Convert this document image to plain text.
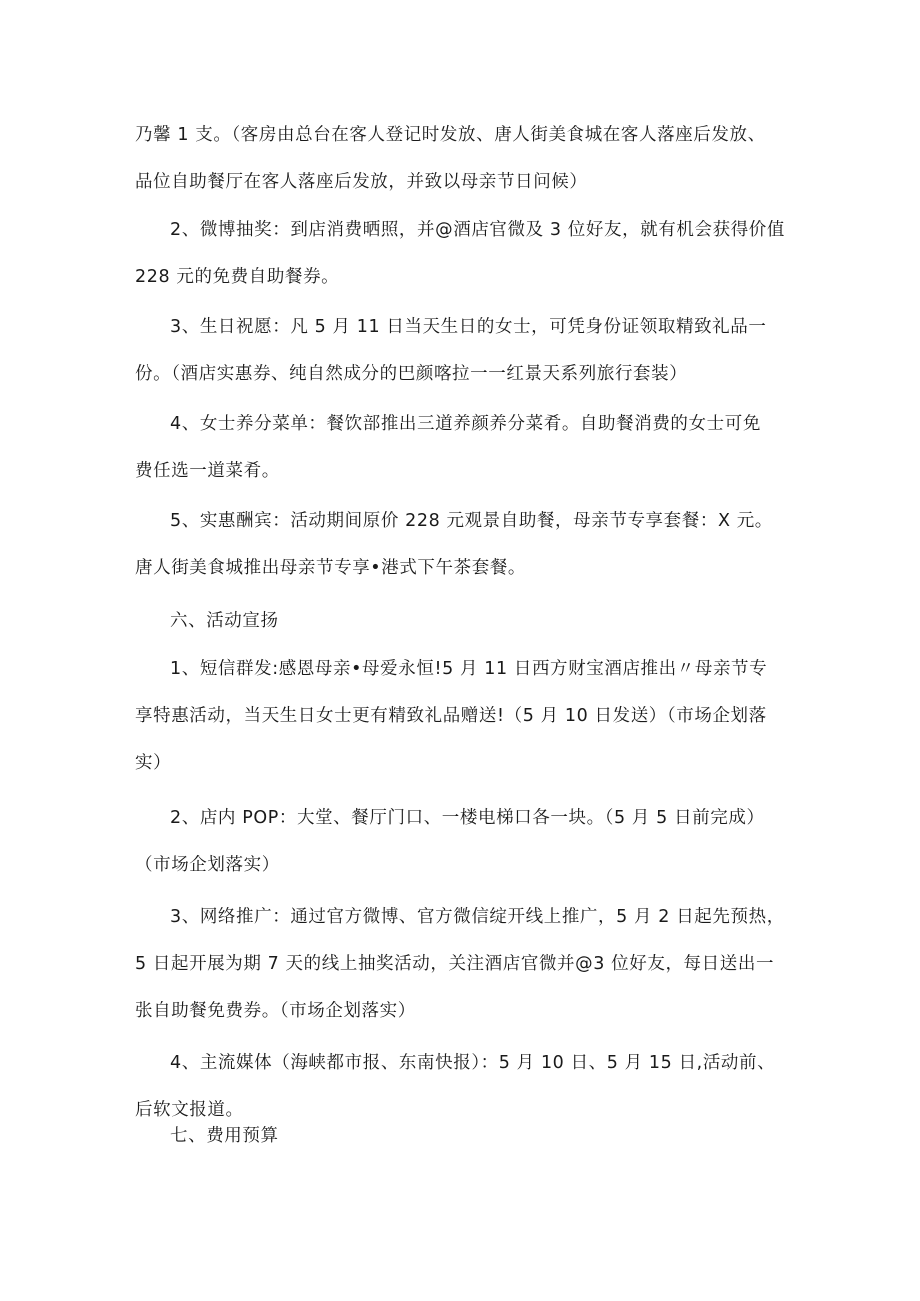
乃馨 1 支。（客房由总台在客人登记时发放、唐人街美食城在客人落座后发放、
品位自助餐厅在客人落座后发放，并致以母亲节日问候）

2、微博抽奖：到店消费晒照，并@酒店官微及 3 位好友，就有机会获得价值
228 元的免费自助餐券。

3、生日祝愿：凡 5 月 11 日当天生日的女士，可凭身份证领取精致礼品一
份。（酒店实惠券、纯自然成分的巴颜喀拉一一红景天系列旅行套装）

4、女士养分菜单：餐饮部推出三道养颜养分菜肴。自助餐消费的女士可免
费任选一道菜肴。

5、实惠酬宾：活动期间原价 228 元观景自助餐，母亲节专享套餐：X 元。
唐人街美食城推出母亲节专享•港式下午茶套餐。

六、活动宣扬

1、短信群发:感恩母亲•母爱永恒!5 月 11 日西方财宝酒店推出〃母亲节专
享特惠活动，当天生日女士更有精致礼品赠送!（5 月 10 日发送）（市场企划落
实）

2、店内 POP：大堂、餐厅门口、一楼电梯口各一块。（5 月 5 日前完成）
（市场企划落实）

3、网络推广：通过官方微博、官方微信绽开线上推广，5 月 2 日起先预热，
5 日起开展为期 7 天的线上抽奖活动，关注酒店官微并@3 位好友，每日送出一
张自助餐免费券。（市场企划落实）

4、主流媒体（海峡都市报、东南快报）：5 月 10 日、5 月 15 日,活动前、
后软文报道。

七、费用预算
